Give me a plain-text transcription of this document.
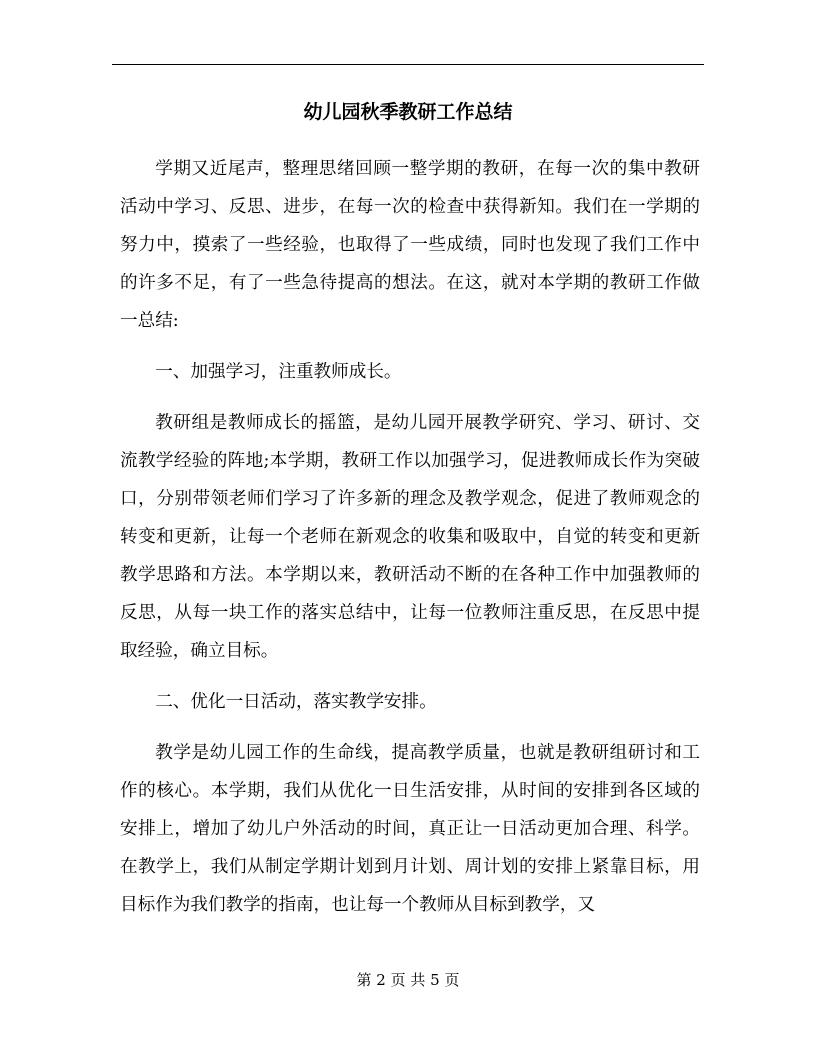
幼儿园秋季教研工作总结

学期又近尾声，整理思绪回顾一整学期的教研，在每一次的集中教研活动中学习、反思、进步，在每一次的检查中获得新知。我们在一学期的努力中，摸索了一些经验，也取得了一些成绩，同时也发现了我们工作中的许多不足，有了一些急待提高的想法。在这，就对本学期的教研工作做一总结:

一、加强学习，注重教师成长。

教研组是教师成长的摇篮，是幼儿园开展教学研究、学习、研讨、交流教学经验的阵地;本学期，教研工作以加强学习，促进教师成长作为突破口，分别带领老师们学习了许多新的理念及教学观念，促进了教师观念的转变和更新，让每一个老师在新观念的收集和吸取中，自觉的转变和更新教学思路和方法。本学期以来，教研活动不断的在各种工作中加强教师的反思，从每一块工作的落实总结中，让每一位教师注重反思，在反思中提取经验，确立目标。

二、优化一日活动，落实教学安排。

教学是幼儿园工作的生命线，提高教学质量，也就是教研组研讨和工作的核心。本学期，我们从优化一日生活安排，从时间的安排到各区域的安排上，增加了幼儿户外活动的时间，真正让一日活动更加合理、科学。在教学上，我们从制定学期计划到月计划、周计划的安排上紧靠目标，用目标作为我们教学的指南，也让每一个教师从目标到教学，又

第 2 页 共 5 页
